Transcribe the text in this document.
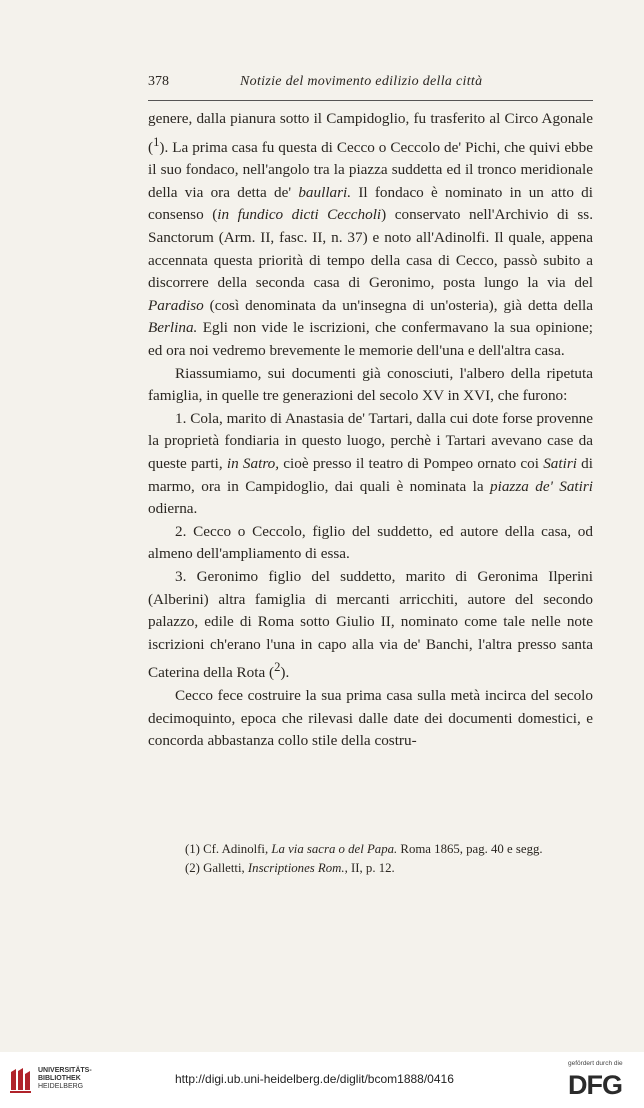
378	Notizie del movimento edilizio della città

genere, dalla pianura sotto il Campidoglio, fu trasferito al Circo Agonale ($^1$). La prima casa fu questa di Cecco o Ceccolo de' Pichi, che quivi ebbe il suo fondaco, nell'angolo tra la piazza suddetta ed il tronco meridionale della via ora detta de' baullari. Il fondaco è nominato in un atto di consenso (in fundico dicti Ceccholi) conservato nell'Archivio di ss. Sanctorum (Arm. II, fasc. II, n. 37) e noto all'Adinolfi. Il quale, appena accennata questa priorità di tempo della casa di Cecco, passò subito a discorrere della seconda casa di Geronimo, posta lungo la via del Paradiso (così denominata da un'insegna di un'osteria), già detta della Berlina. Egli non vide le iscrizioni, che confermavano la sua opinione; ed ora noi vedremo brevemente le memorie dell'una e dell'altra casa.

Riassumiamo, sui documenti già conosciuti, l'albero della ripetuta famiglia, in quelle tre generazioni del secolo XV in XVI, che furono:

1. Cola, marito di Anastasia de' Tartari, dalla cui dote forse provenne la proprietà fondiaria in questo luogo, perchè i Tartari avevano case da queste parti, in Satro, cioè presso il teatro di Pompeo ornato coi Satiri di marmo, ora in Campidoglio, dai quali è nominata la piazza de' Satiri odierna.

2. Cecco o Ceccolo, figlio del suddetto, ed autore della casa, od almeno dell'ampliamento di essa.

3. Geronimo figlio del suddetto, marito di Geronima Ilperini (Alberini) altra famiglia di mercanti arricchiti, autore del secondo palazzo, edile di Roma sotto Giulio II, nominato come tale nelle note iscrizioni ch'erano l'una in capo alla via de' Banchi, l'altra presso santa Caterina della Rota ($^2$).

Cecco fece costruire la sua prima casa sulla metà incirca del secolo decimoquinto, epoca che rilevasi dalle date dei documenti domestici, e concorda abbastanza collo stile della costru-

(1) Cf. Adinolfi, La via sacra o del Papa. Roma 1865, pag. 40 e segg.

(2) Galletti, Inscriptiones Rom., II, p. 12.

UNIVERSITÄTS-
BIBLIOTHEK
HEIDELBERG
http://digi.ub.uni-heidelberg.de/diglit/bcom1888/0416
gefördert durch die
DFG
